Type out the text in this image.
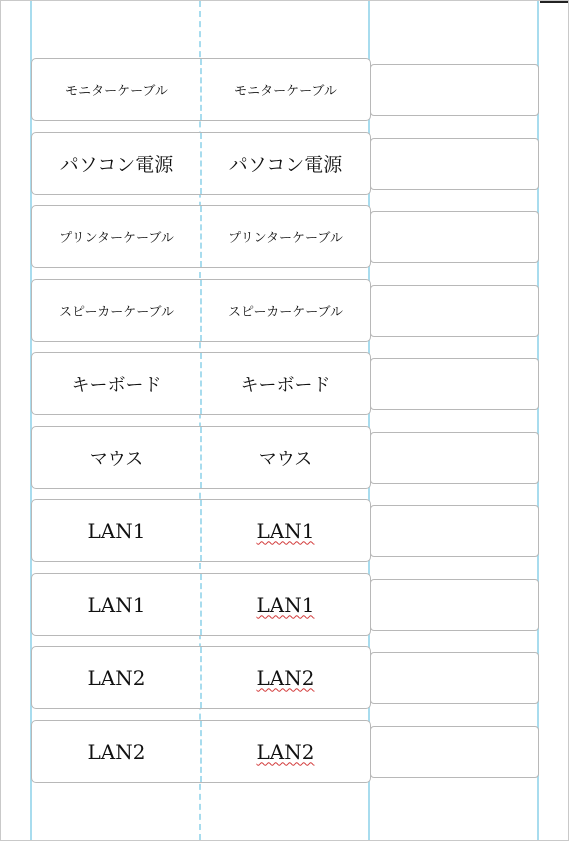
モニターケーブル	モニターケーブル
パソコン電源	パソコン電源
プリンターケーブル	プリンターケーブル
スピーカーケーブル	スピーカーケーブル
キーボード	キーボード
マウス	マウス
LAN1	LAN1
LAN1	LAN1
LAN2	LAN2
LAN2	LAN2
